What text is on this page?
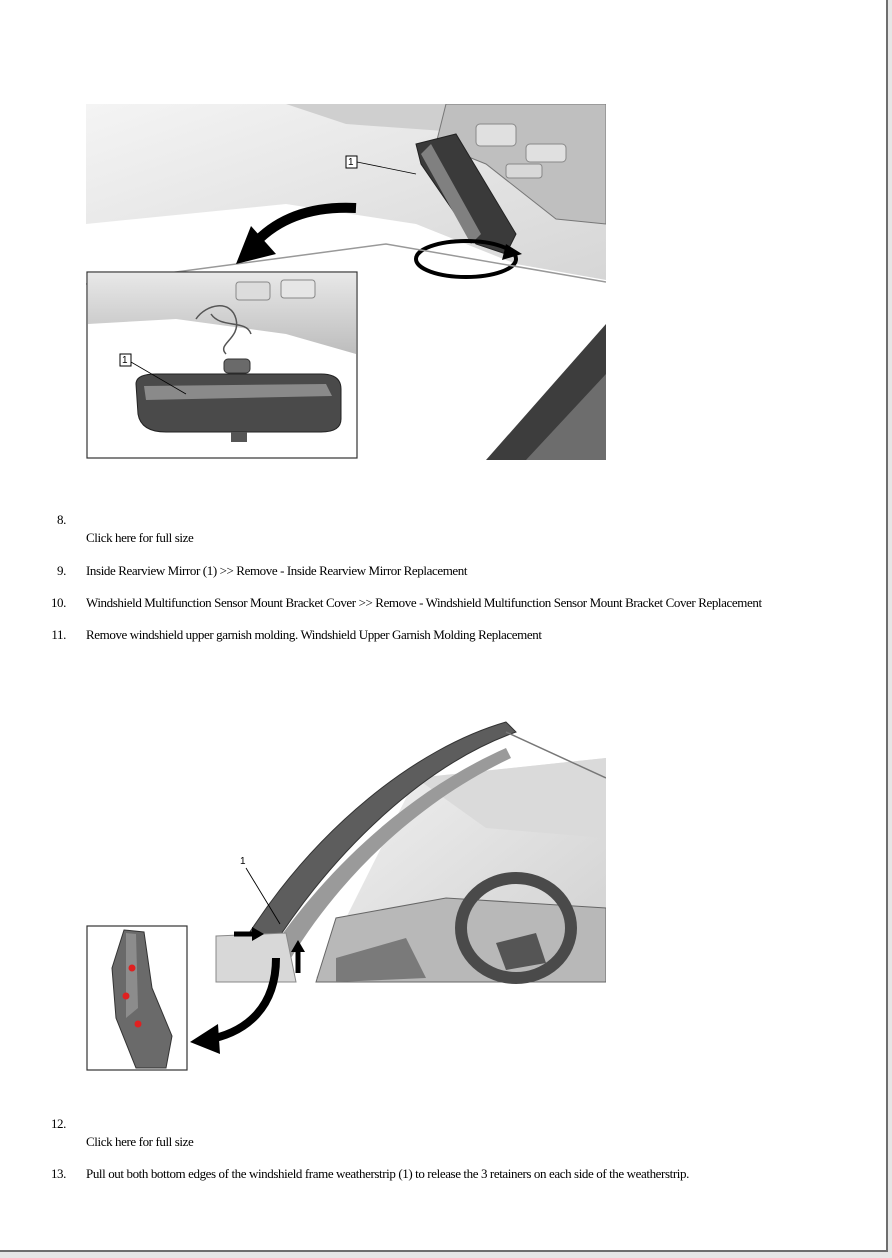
1
1
8.
Click here for full size
9. Inside Rearview Mirror (1) >> Remove - Inside Rearview Mirror Replacement
10. Windshield Multifunction Sensor Mount Bracket Cover >> Remove - Windshield Multifunction Sensor Mount Bracket Cover Replacement
11. Remove windshield upper garnish molding. Windshield Upper Garnish Molding Replacement
1
12.
Click here for full size
13. Pull out both bottom edges of the windshield frame weatherstrip (1) to release the 3 retainers on each side of the weatherstrip.
